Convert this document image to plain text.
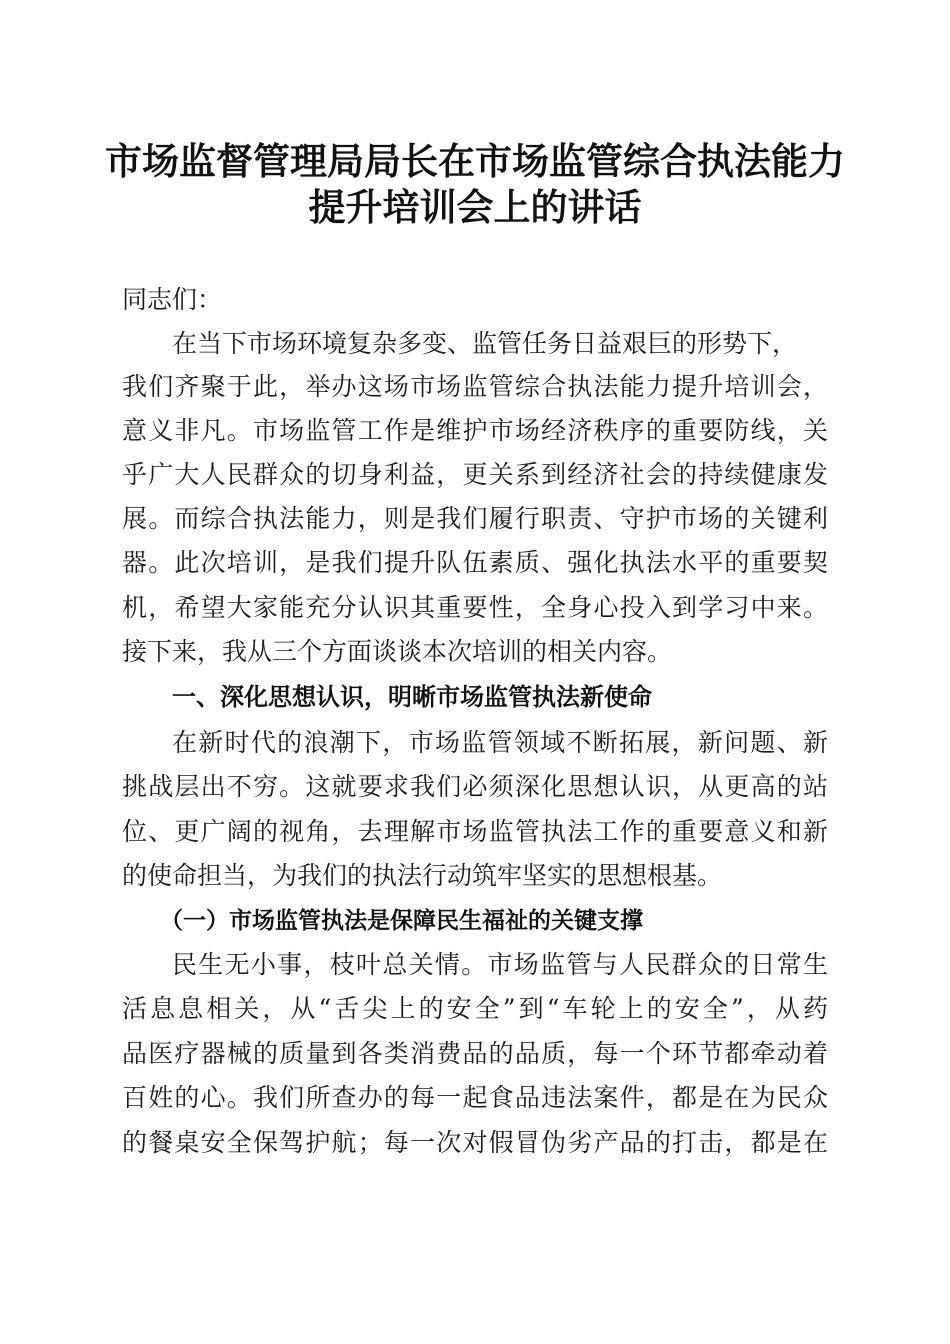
市场监督管理局局长在市场监管综合执法能力
提升培训会上的讲话
同志们：
在当下市场环境复杂多变、监管任务日益艰巨的形势下，
我们齐聚于此，举办这场市场监管综合执法能力提升培训会，
意义非凡。市场监管工作是维护市场经济秩序的重要防线，关
乎广大人民群众的切身利益，更关系到经济社会的持续健康发
展。而综合执法能力，则是我们履行职责、守护市场的关键利
器。此次培训，是我们提升队伍素质、强化执法水平的重要契
机，希望大家能充分认识其重要性，全身心投入到学习中来。
接下来，我从三个方面谈谈本次培训的相关内容。
一、深化思想认识，明晰市场监管执法新使命
在新时代的浪潮下，市场监管领域不断拓展，新问题、新
挑战层出不穷。这就要求我们必须深化思想认识，从更高的站
位、更广阔的视角，去理解市场监管执法工作的重要意义和新
的使命担当，为我们的执法行动筑牢坚实的思想根基。
（一）市场监管执法是保障民生福祉的关键支撑
民生无小事，枝叶总关情。市场监管与人民群众的日常生
活息息相关，从“舌尖上的安全”到“车轮上的安全”，从药
品医疗器械的质量到各类消费品的品质，每一个环节都牵动着
百姓的心。我们所查办的每一起食品违法案件，都是在为民众
的餐桌安全保驾护航；每一次对假冒伪劣产品的打击，都是在
